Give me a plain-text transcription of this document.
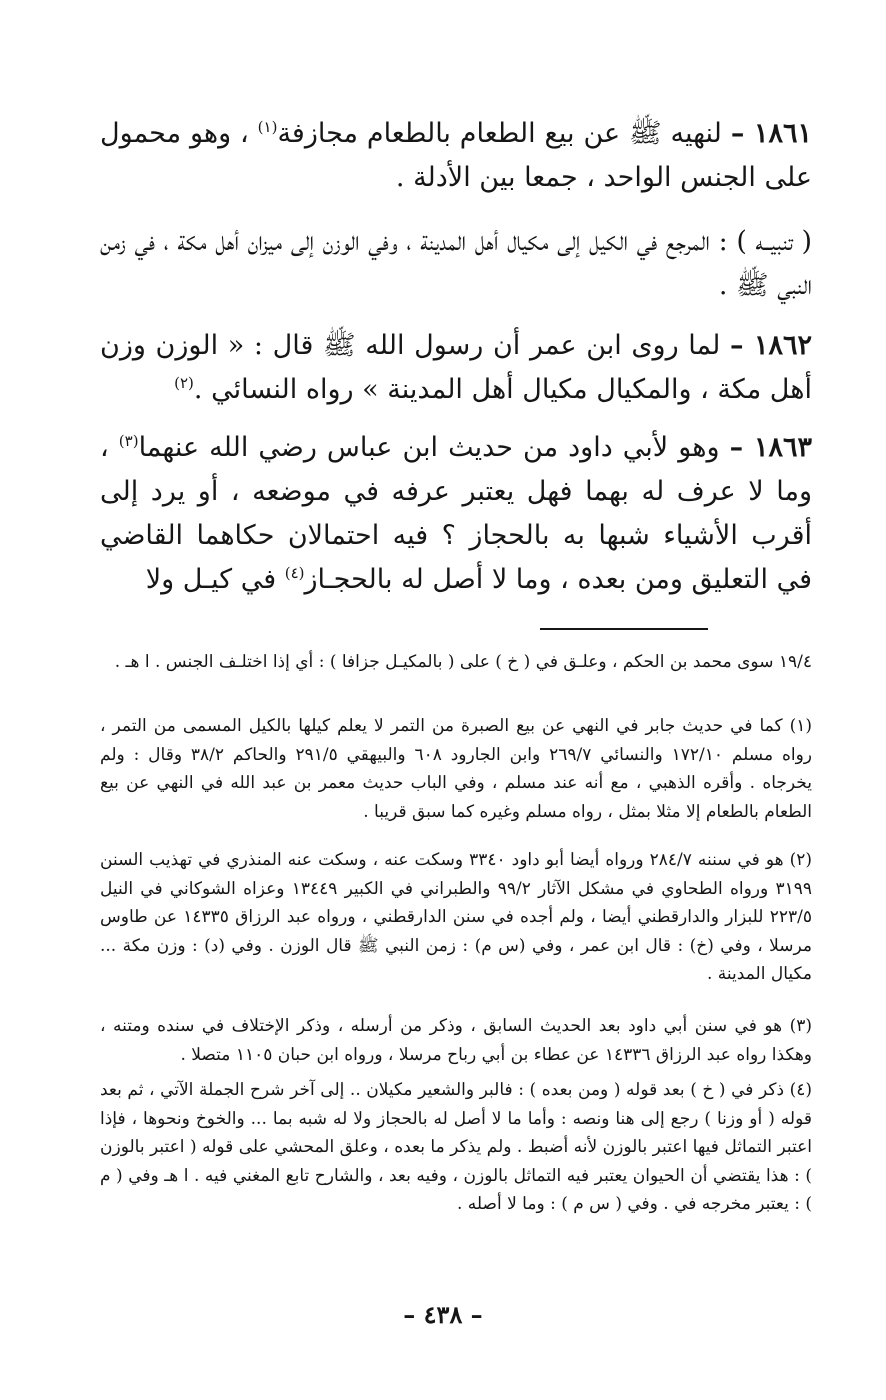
١٨٦١ – لنهيه ﷺ عن بيع الطعام بالطعام مجازفة$^{(١)}$ ، وهو محمول على الجنس الواحد ، جمعا بين الأدلة .

( تنبيــه ) : المرجع في الكيل إلى مكيال أهل المدينة ، وفي الوزن إلى ميزان أهل مكة ، في زمن النبي ﷺ .

١٨٦٢ – لما روى ابن عمر أن رسول الله ﷺ قال : « الوزن وزن أهل مكة ، والمكيال مكيال أهل المدينة » رواه النسائي .$^{(٢)}$

١٨٦٣ – وهو لأبي داود من حديث ابن عباس رضي الله عنهما$^{(٣)}$ ، وما لا عرف له بهما فهل يعتبر عرفه في موضعه ، أو يرد إلى أقرب الأشياء شبها به بالحجاز ؟ فيه احتمالان حكاهما القاضي في التعليق ومن بعده ، وما لا أصل له بالحجـاز$^{(٤)}$ في كيـل ولا

١٩/٤ سوى محمد بن الحكم ، وعلـق في ( خ ) على ( بالمكيـل جزافا ) : أي إذا اختلـف الجنس . ا هـ .

(١) كما في حديث جابر في النهي عن بيع الصبرة من التمر لا يعلم كيلها بالكيل المسمى من التمر ، رواه مسلم ١٧٢/١٠ والنسائي ٢٦٩/٧ وابن الجارود ٦٠٨ والبيهقي ٢٩١/٥ والحاكم ٣٨/٢ وقال : ولم يخرجاه . وأقره الذهبي ، مع أنه عند مسلم ، وفي الباب حديث معمر بن عبد الله في النهي عن بيع الطعام بالطعام إلا مثلا بمثل ، رواه مسلم وغيره كما سبق قريبا .

(٢) هو في سننه ٢٨٤/٧ ورواه أيضا أبو داود ٣٣٤٠ وسكت عنه ، وسكت عنه المنذري في تهذيب السنن ٣١٩٩ ورواه الطحاوي في مشكل الآثار ٩٩/٢ والطبراني في الكبير ١٣٤٤٩ وعزاه الشوكاني في النيل ٢٢٣/٥ للبزار والدارقطني أيضا ، ولم أجده في سنن الدارقطني ، ورواه عبد الرزاق ١٤٣٣٥ عن طاوس مرسلا ، وفي (خ) : قال ابن عمر ، وفي (س م) : زمن النبي ﷺ قال الوزن . وفي (د) : وزن مكة ... مكيال المدينة .

(٣) هو في سنن أبي داود بعد الحديث السابق ، وذكر من أرسله ، وذكر الإختلاف في سنده ومتنه ، وهكذا رواه عبد الرزاق ١٤٣٣٦ عن عطاء بن أبي رباح مرسلا ، ورواه ابن حبان ١١٠٥ متصلا .

(٤) ذكر في ( خ ) بعد قوله ( ومن بعده ) : فالبر والشعير مكيلان .. إلى آخر شرح الجملة الآتي ، ثم بعد قوله ( أو وزنا ) رجع إلى هنا ونصه : وأما ما لا أصل له بالحجاز ولا له شبه بما ... والخوخ ونحوها ، فإذا اعتبر التماثل فيها اعتبر بالوزن لأنه أضبط . ولم يذكر ما بعده ، وعلق المحشي على قوله ( اعتبر بالوزن ) : هذا يقتضي أن الحيوان يعتبر فيه التماثل بالوزن ، وفيه بعد ، والشارح تابع المغني فيه . ا هـ وفي ( م ) : يعتبر مخرجه في . وفي ( س م ) : وما لا أصله .

– ٤٣٨ –
